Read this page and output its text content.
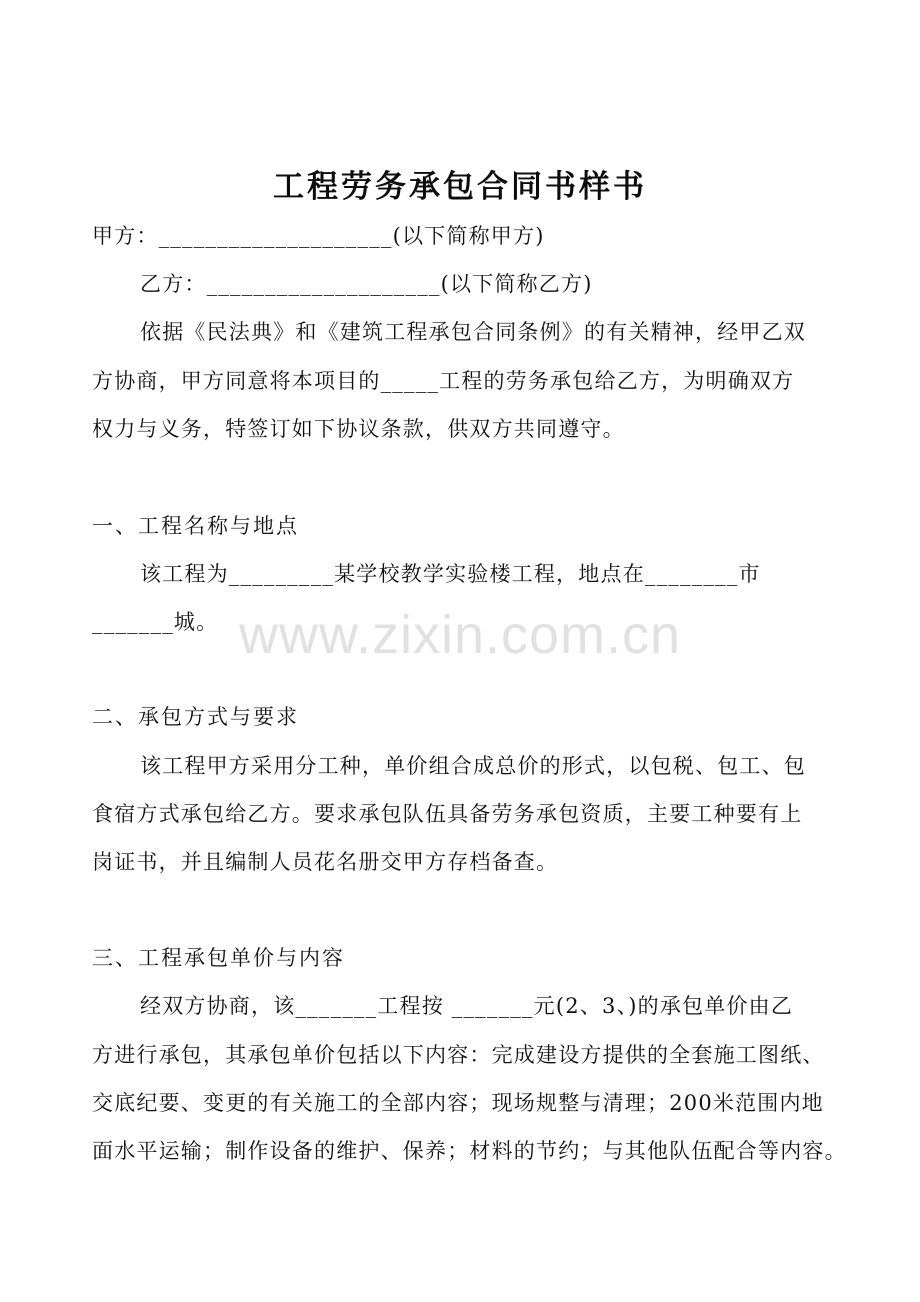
工程劳务承包合同书样书
甲方：____________________(以下简称甲方)
乙方：____________________(以下简称乙方)
依据《民法典》和《建筑工程承包合同条例》的有关精神，经甲乙双
方协商，甲方同意将本项目的_____工程的劳务承包给乙方，为明确双方
权力与义务，特签订如下协议条款，供双方共同遵守。
一、工程名称与地点
该工程为_________某学校教学实验楼工程，地点在________市
_______城。
二、承包方式与要求
该工程甲方采用分工种，单价组合成总价的形式，以包税、包工、包
食宿方式承包给乙方。要求承包队伍具备劳务承包资质，主要工种要有上
岗证书，并且编制人员花名册交甲方存档备查。
三、工程承包单价与内容
经双方协商，该_______工程按 _______元(2、3、)的承包单价由乙
方进行承包，其承包单价包括以下内容：完成建设方提供的全套施工图纸、
交底纪要、变更的有关施工的全部内容；现场规整与清理；200米范围内地
面水平运输；制作设备的维护、保养；材料的节约；与其他队伍配合等内容。
www.zixin.com.cn
